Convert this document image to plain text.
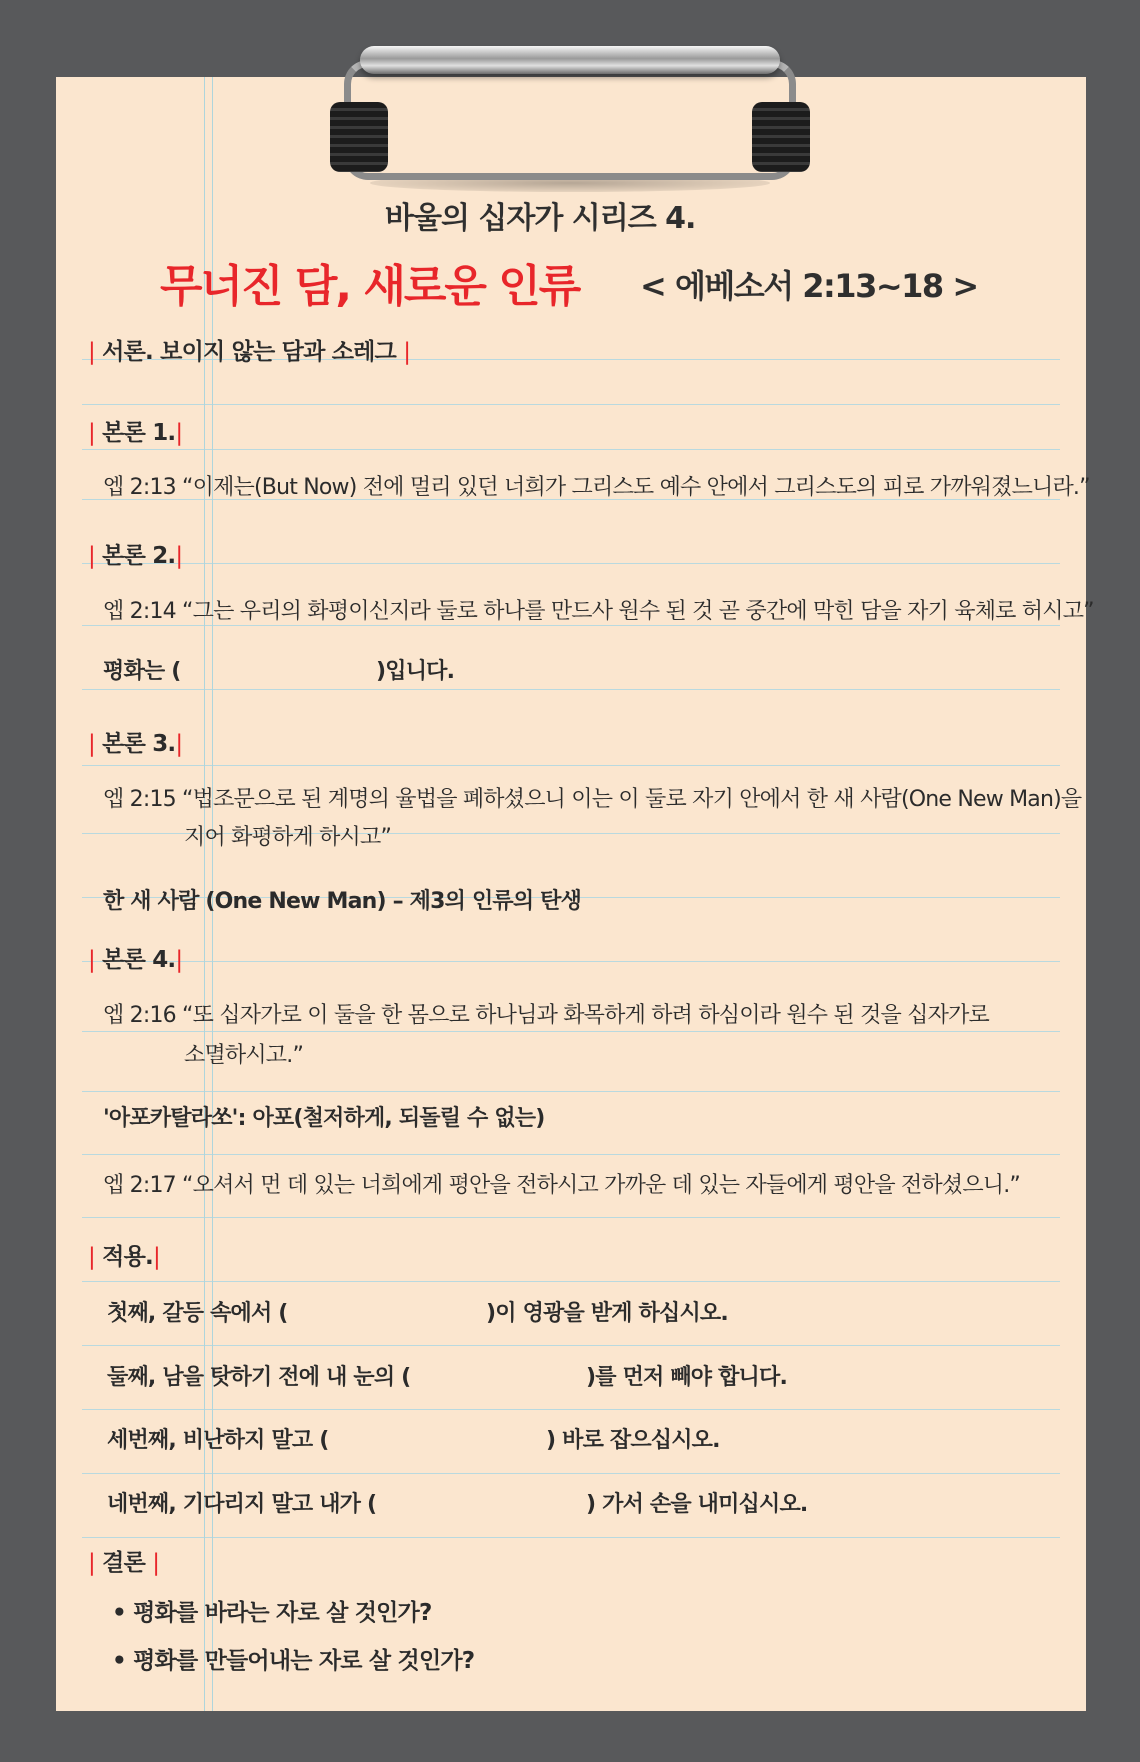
바울의 십자가 시리즈 4.
무너진 담, 새로운 인류 < 에베소서 2:13~18 >
| 서론. 보이지 않는 담과 소레그 |
| 본론 1.|
엡 2:13 “이제는(But Now) 전에 멀리 있던 너희가 그리스도 예수 안에서 그리스도의 피로 가까워졌느니라.”
| 본론 2.|
엡 2:14 “그는 우리의 화평이신지라 둘로 하나를 만드사 원수 된 것 곧 중간에 막힌 담을 자기 육체로 허시고”
평화는 (	)입니다.
| 본론 3.|
엡 2:15 “법조문으로 된 계명의 율법을 폐하셨으니 이는 이 둘로 자기 안에서 한 새 사람(One New Man)을
지어 화평하게 하시고”
한 새 사람 (One New Man) – 제3의 인류의 탄생
| 본론 4.|
엡 2:16 “또 십자가로 이 둘을 한 몸으로 하나님과 화목하게 하려 하심이라 원수 된 것을 십자가로
소멸하시고.”
'아포카탈라쏘': 아포(철저하게, 되돌릴 수 없는)
엡 2:17 “오셔서 먼 데 있는 너희에게 평안을 전하시고 가까운 데 있는 자들에게 평안을 전하셨으니.”
| 적용.|
첫째, 갈등 속에서 (	)이 영광을 받게 하십시오.
둘째, 남을 탓하기 전에 내 눈의 (	)를 먼저 빼야 합니다.
세번째, 비난하지 말고 (	) 바로 잡으십시오.
네번째, 기다리지 말고 내가 (	) 가서 손을 내미십시오.
| 결론 |
• 평화를 바라는 자로 살 것인가?
• 평화를 만들어내는 자로 살 것인가?
